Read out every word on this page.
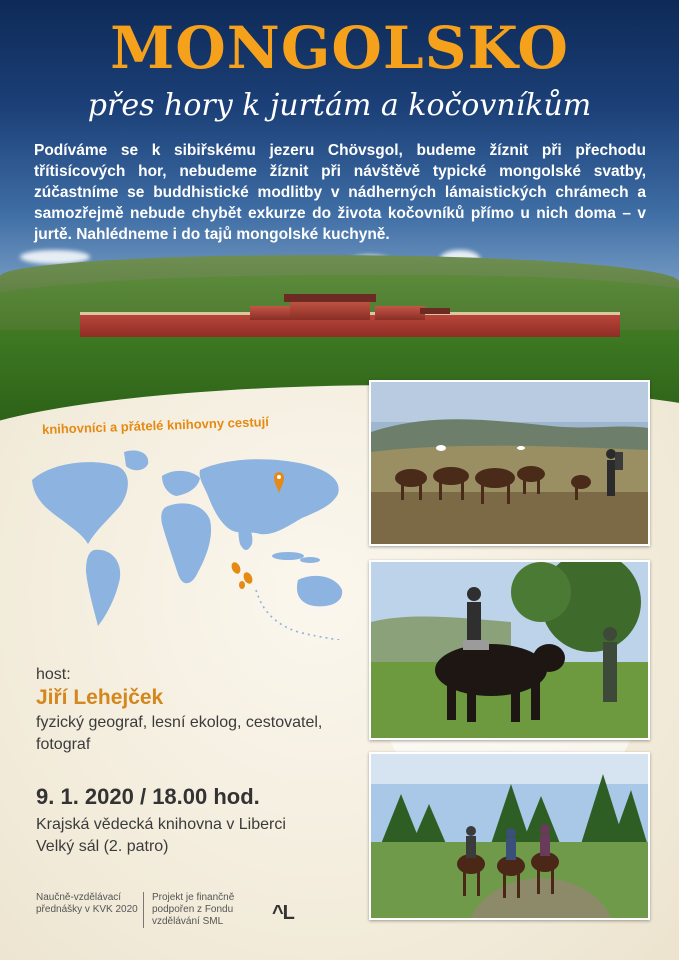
MONGOLSKO
přes hory k jurtám a kočovníkům
Podíváme se k sibiřskému jezeru Chövsgol, budeme žíznit při přechodu třítisícových hor, nebudeme žíznit při návštěvě typické mongolské svatby, zúčastníme se buddhistické modlitby v nádherných lámaistických chrámech a samozřejmě nebude chybět exkurze do života kočovníků přímo u nich doma – v jurtě. Nahlédneme i do tajů mongolské kuchyně.
knihovníci a přátelé knihovny cestují
host:
Jiří Lehejček
fyzický geograf, lesní ekolog, cestovatel, fotograf
9. 1. 2020 / 18.00 hod.
Krajská vědecká knihovna v Liberci
Velký sál (2. patro)
Naučně-vzdělávací přednášky v KVK 2020
Projekt je finančně podpořen z Fondu vzdělávání SML	^L
